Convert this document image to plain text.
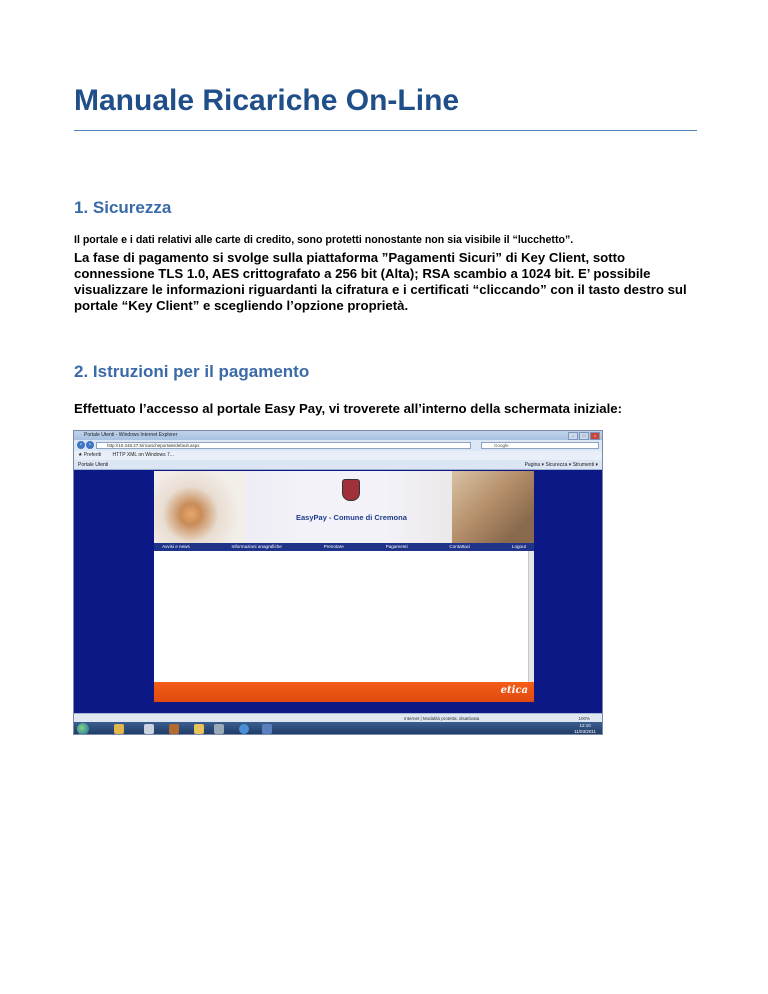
Manuale Ricariche On-Line
1. Sicurezza
Il portale e i dati relativi alle carte di credito, sono protetti nonostante non sia visibile il “lucchetto”.
La fase di pagamento si svolge sulla piattaforma ”Pagamenti Sicuri” di Key Client, sotto connessione TLS 1.0, AES crittografato a 256 bit (Alta); RSA scambio a 1024 bit. E’ possibile visualizzare le informazioni riguardanti la cifratura e i certificati “cliccando” con il tasto destro sul portale “Key Client” e scegliendo l’opzione proprietà.
2. Istruzioni per il pagamento
Effettuato l’accesso al portale Easy Pay, vi troverete all’interno della schermata iniziale:
Portale Utenti - Windows Internet Explorer	– □ ×
‹	›	http://10.248.27.5/ricaricheportale/default.aspx	Google
★ Preferiti HTTP XML on Windows 7...
Portale Utenti	Pagina ▾ Sicurezza ▾ Strumenti ▾
EasyPay - Comune di Cremona
Avvisi e news	Informazioni anagrafiche	Prenotare	Pagamenti	Contattaci	Logout
etica
Internet | Modalità protetta: disattivata	100%
12:10
11/03/2011
